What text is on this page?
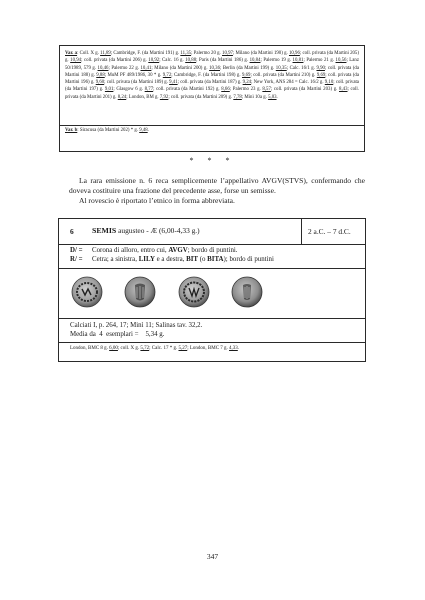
Var. a: Coll. X g. 11,89; Cambridge, F. (da Martini 191) g. 11,35; Palermo 20 g. 10,97; Milano (da Martini 190) g. 10,96; coll. privata (da Martini 205) g. 10,94; coll. privata (da Martini 206) g. 10,92; Calc. 16 g. 10,88; Paris (da Martini 186) g. 10,84; Palermo 19 g. 10,81; Palermo 21 g. 10,56; Lanz 50/1989, 579 g. 10,46; Palermo 22 g. 10,41; Milano (da Martini 200) g. 10,36; Berlin (da Martini 199) g. 10,35; Calc. 16/1 g. 9,90; coll. privata (da Martini 188) g. 9,88; MuM PF 489/1986, 30 * g. 9,72; Cambridge, F. (da Martini 198) g. 9,69; coll. privata (da Martini 210) g. 9,69; coll. privata (da Martini 196) g. 9,60; coll. privata (da Martini 189) g. 9,41; coll. privata (da Martini 187) g. 9,24; New York, ANS 284 = Calc. 16/2 g. 9,10; coll. privata (da Martini 197) g. 9,01; Glasgow 6 g. 8,77; coll. privata (da Martini 192) g. 8,66; Palermo 23 g. 8,57; coll. privata (da Martini 203) g. 8,43; coll. privata (da Martini 201) g. 8,24; London, BM g. 7,92; coll. privata (da Martini 209) g. 7,78; Minì 10a g. 5,03.
Var. b: Siracusa (da Martini 202) * g. 9,48.
* * *

La rara emissione n. 6 reca semplicemente l’appellativo AVGV(STVS), confermando che doveva costituire una frazione del precedente asse, forse un semisse.

Al rovescio è riportato l’etnico in forma abbreviata.

6 SEMIS augusteo - Æ (6,00-4,33 g.)	2 a.C. – 7 d.C.
D/ = Corona di alloro, entro cui, AVGV; bordo di puntini.
R/ = Cetra; a sinistra, LILY e a destra, BIT (o BITA); bordo di puntini
Calciati I, p. 264, 17; Minì 11; Salinas tav. 32,2.
Media da  4  esemplari =    5,34 g.
London, BMC 8 g. 6,00; coll. X g. 5,72; Calc. 17 * g. 5,27; London, BMC 7 g. 4,33.
347
